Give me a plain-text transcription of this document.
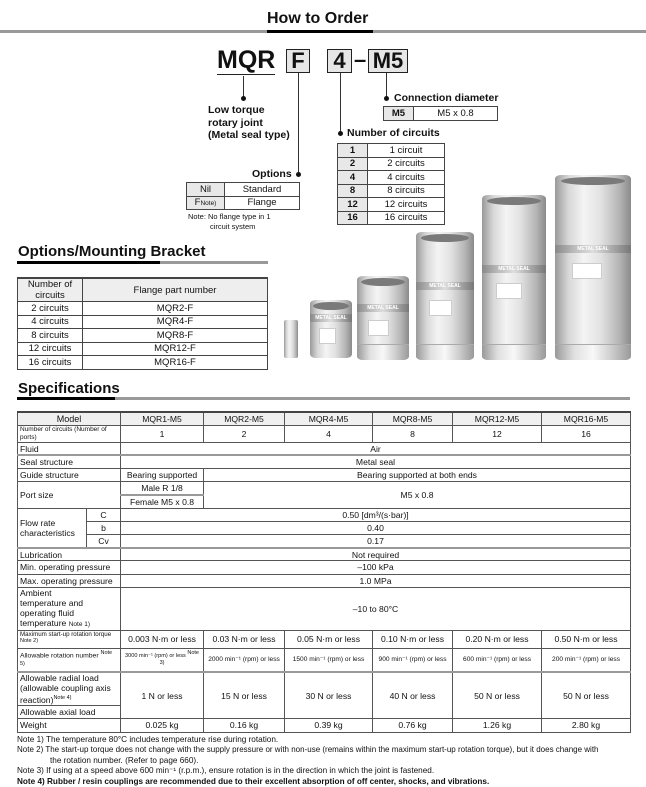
How to Order
MQR F 4 – M5
Low torque
rotary joint
(Metal seal type)
Connection diameter
M5	M5 x 0.8
Number of circuits
1	1 circuit
2	2 circuits
4	4 circuits
8	8 circuits
12	12 circuits
16	16 circuits
Options
Nil	Standard
FNote)	Flange
Note: No flange type in 1
circuit system
Options/Mounting Bracket
Number of circuits	Flange part number
2 circuits	MQR2-F
4 circuits	MQR4-F
8 circuits	MQR8-F
12 circuits	MQR12-F
16 circuits	MQR16-F
METAL SEAL
METAL SEAL
METAL SEAL
METAL SEAL
METAL SEAL
Specifications
Model		MQR1-M5	MQR2-M5	MQR4-M5	MQR8-M5	MQR12-M5	MQR16-M5
Number of circuits (Number of ports)		1	2	4	8	12	16
Fluid		Air					
Seal structure		Metal seal					
Guide structure		Bearing supported	Bearing supported at both ends				
Port size		Male R 1/8	M5 x 0.8				
		Female M5 x 0.8					
Flow rate characteristics	C	0.50 [dm³/(s·bar)]					
	b	0.40					
	Cv	0.17					
Lubrication		Not required					
Min. operating pressure		–100 kPa					
Max. operating pressure		1.0 MPa					
Ambient temperature and operating fluid temperature Note 1)		–10 to 80°C					
Maximum start-up rotation torque Note 2)		0.003 N·m or less	0.03 N·m or less	0.05 N·m or less	0.10 N·m or less	0.20 N·m or less	0.50 N·m or less
Allowable rotation number $^{Note 5)}$		3000 min⁻¹ (rpm) or less Note 3)	2000 min⁻¹ (rpm) or less	1500 min⁻¹ (rpm) or less	900 min⁻¹ (rpm) or less	600 min⁻¹ (rpm) or less	200 min⁻¹ (rpm) or less
Allowable radial load (allowable coupling axis reaction)$^{Note 4)}$		1 N or less	15 N or less	30 N or less	40 N or less	50 N or less	50 N or less
Allowable axial load							
Weight		0.025 kg	0.16 kg	0.39 kg	0.76 kg	1.26 kg	2.80 kg
Note 1) The temperature 80°C includes temperature rise during rotation.
Note 2) The start-up torque does not change with the supply pressure or with non-use (remains within the maximum start-up rotation torque), but it does change with
the rotation number. (Refer to page 660).
Note 3) If using at a speed above 600 min⁻¹ (r.p.m.), ensure rotation is in the direction in which the joint is fastened.
Note 4) Rubber / resin couplings are recommended due to their excellent absorption of off center, shocks, and vibrations.
